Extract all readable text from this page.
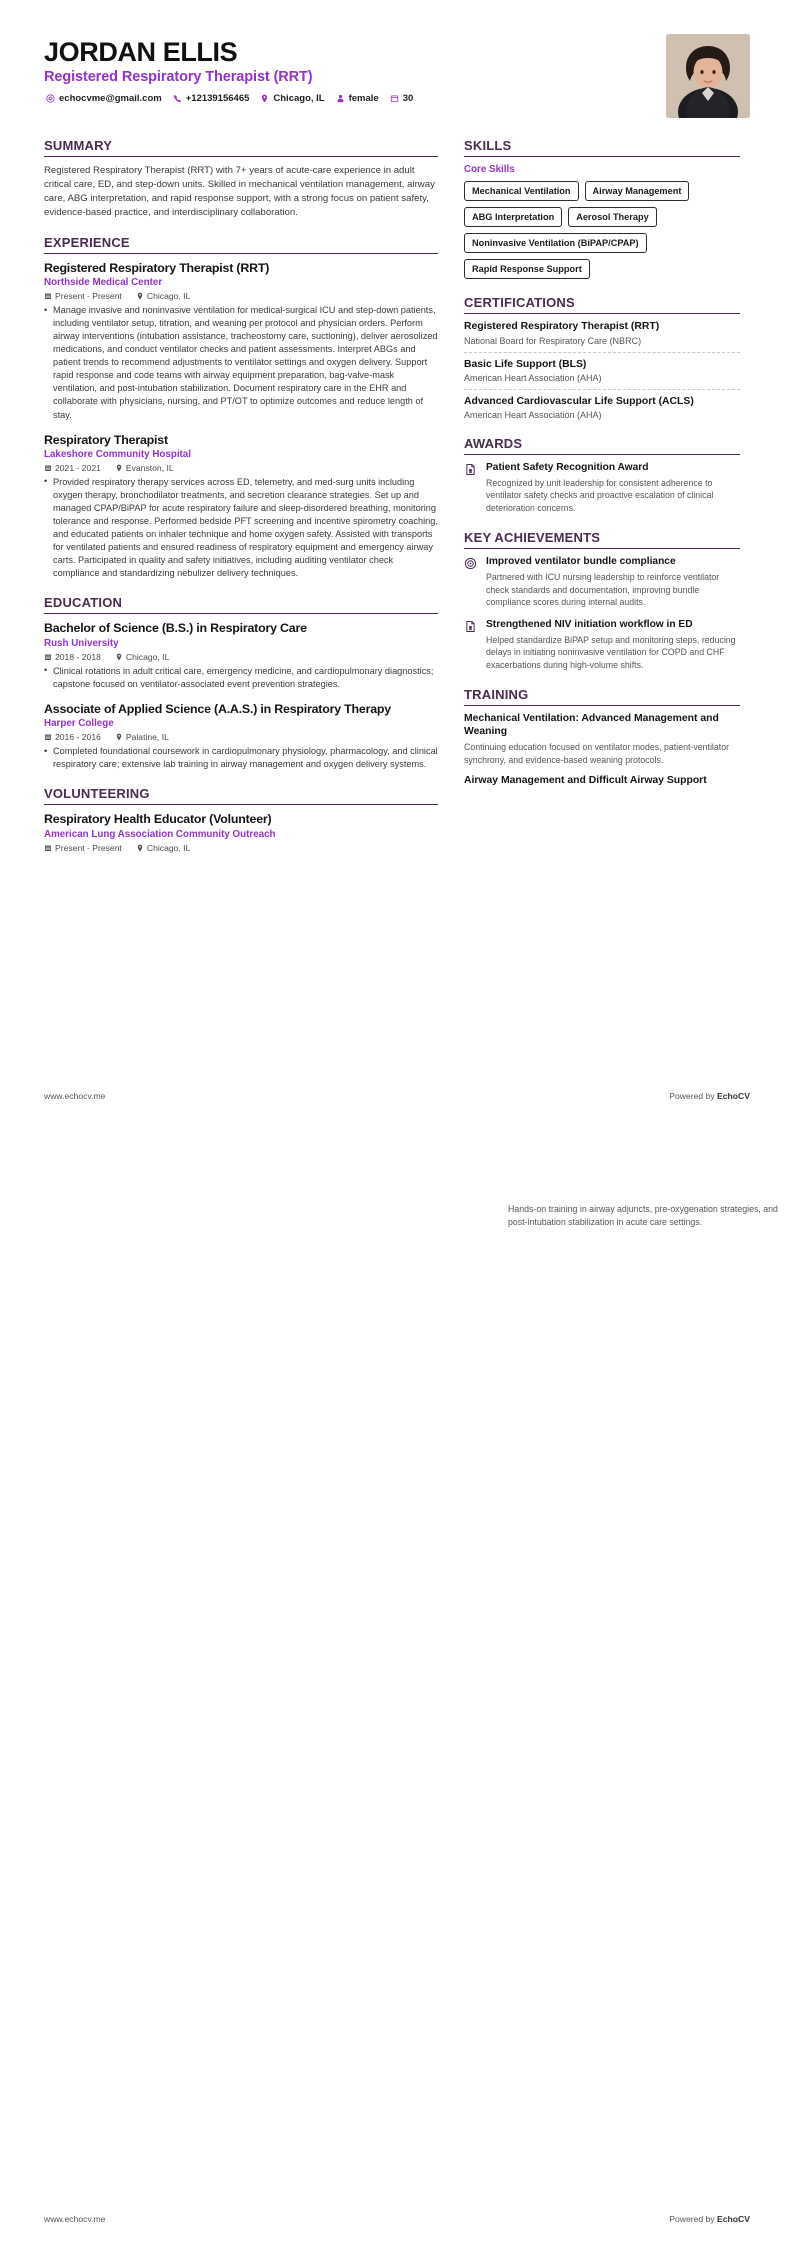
JORDAN ELLIS
Registered Respiratory Therapist (RRT)
echocvme@gmail.com	+12139156465	Chicago, IL	female	30
SUMMARY
Registered Respiratory Therapist (RRT) with 7+ years of acute-care experience in adult critical care, ED, and step-down units. Skilled in mechanical ventilation management, airway care, ABG interpretation, and rapid response support, with a strong focus on patient safety, evidence-based practice, and interdisciplinary collaboration.
EXPERIENCE
Registered Respiratory Therapist (RRT)
Northside Medical Center
Present - Present	Chicago, IL
• Manage invasive and noninvasive ventilation for medical-surgical ICU and step-down patients, including ventilator setup, titration, and weaning per protocol and physician orders. Perform airway interventions (intubation assistance, tracheostomy care, suctioning), deliver aerosolized medications, and conduct ventilator checks and patient assessments. Interpret ABGs and patient trends to recommend adjustments to ventilator settings and oxygen delivery. Support rapid response and code teams with airway equipment preparation, bag-valve-mask ventilation, and post-intubation stabilization. Document respiratory care in the EHR and collaborate with physicians, nursing, and PT/OT to optimize outcomes and reduce length of stay.
Respiratory Therapist
Lakeshore Community Hospital
2021 - 2021	Evanston, IL
• Provided respiratory therapy services across ED, telemetry, and med-surg units including oxygen therapy, bronchodilator treatments, and secretion clearance strategies. Set up and managed CPAP/BiPAP for acute respiratory failure and sleep-disordered breathing, monitoring tolerance and response. Performed bedside PFT screening and incentive spirometry coaching, and educated patients on inhaler technique and home oxygen safety. Assisted with transports for ventilated patients and ensured readiness of respiratory equipment and emergency airway carts. Participated in quality and safety initiatives, including auditing ventilator check compliance and standardizing nebulizer delivery techniques.
EDUCATION
Bachelor of Science (B.S.) in Respiratory Care
Rush University
2018 - 2018	Chicago, IL
• Clinical rotations in adult critical care, emergency medicine, and cardiopulmonary diagnostics; capstone focused on ventilator-associated event prevention strategies.
Associate of Applied Science (A.A.S.) in Respiratory Therapy
Harper College
2016 - 2016	Palatine, IL
• Completed foundational coursework in cardiopulmonary physiology, pharmacology, and clinical respiratory care; extensive lab training in airway management and oxygen delivery systems.
VOLUNTEERING
Respiratory Health Educator (Volunteer)
American Lung Association Community Outreach
Present - Present	Chicago, IL
SKILLS
Core Skills
Mechanical Ventilation	Airway Management
ABG Interpretation	Aerosol Therapy
Noninvasive Ventilation (BiPAP/CPAP)
Rapid Response Support
CERTIFICATIONS
Registered Respiratory Therapist (RRT)
National Board for Respiratory Care (NBRC)
Basic Life Support (BLS)
American Heart Association (AHA)
Advanced Cardiovascular Life Support (ACLS)
American Heart Association (AHA)
AWARDS
Patient Safety Recognition Award
Recognized by unit leadership for consistent adherence to ventilator safety checks and proactive escalation of clinical deterioration concerns.
KEY ACHIEVEMENTS
Improved ventilator bundle compliance
Partnered with ICU nursing leadership to reinforce ventilator check standards and documentation, improving bundle compliance scores during internal audits.
Strengthened NIV initiation workflow in ED
Helped standardize BiPAP setup and monitoring steps, reducing delays in initiating noninvasive ventilation for COPD and CHF exacerbations during high-volume shifts.
TRAINING
Mechanical Ventilation: Advanced Management and Weaning
Continuing education focused on ventilator modes, patient-ventilator synchrony, and evidence-based weaning protocols.
Airway Management and Difficult Airway Support
www.echocv.me	Powered by EchoCV
Hands-on training in airway adjuncts, pre-oxygenation strategies, and post-intubation stabilization in acute care settings.
www.echocv.me	Powered by EchoCV
